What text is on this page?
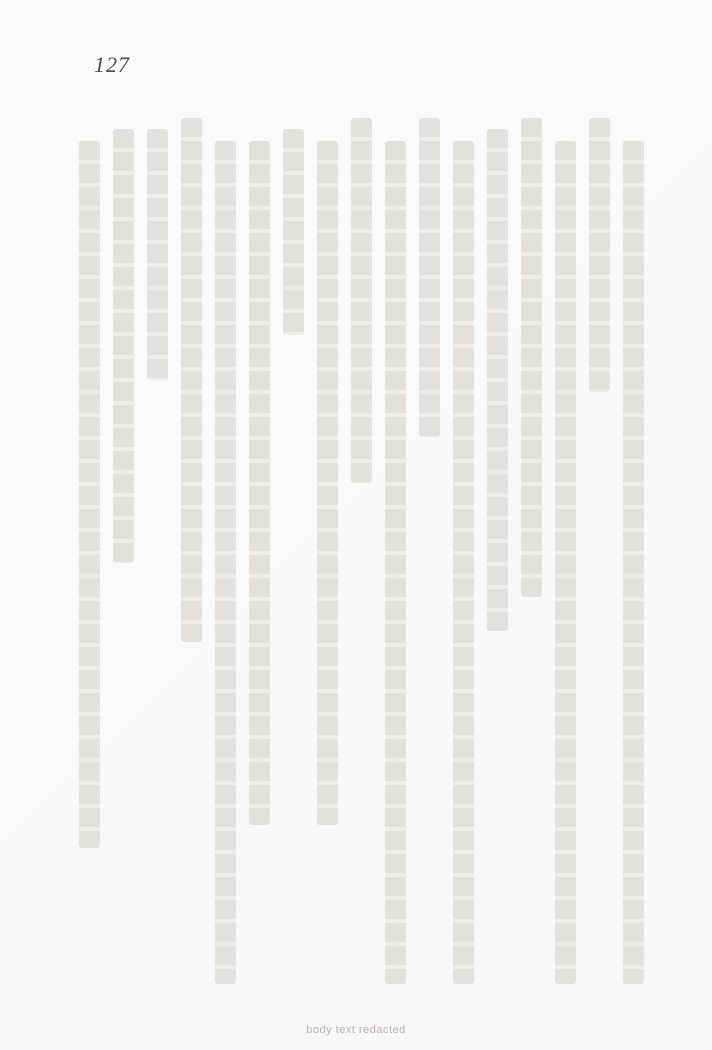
127
body text redacted
